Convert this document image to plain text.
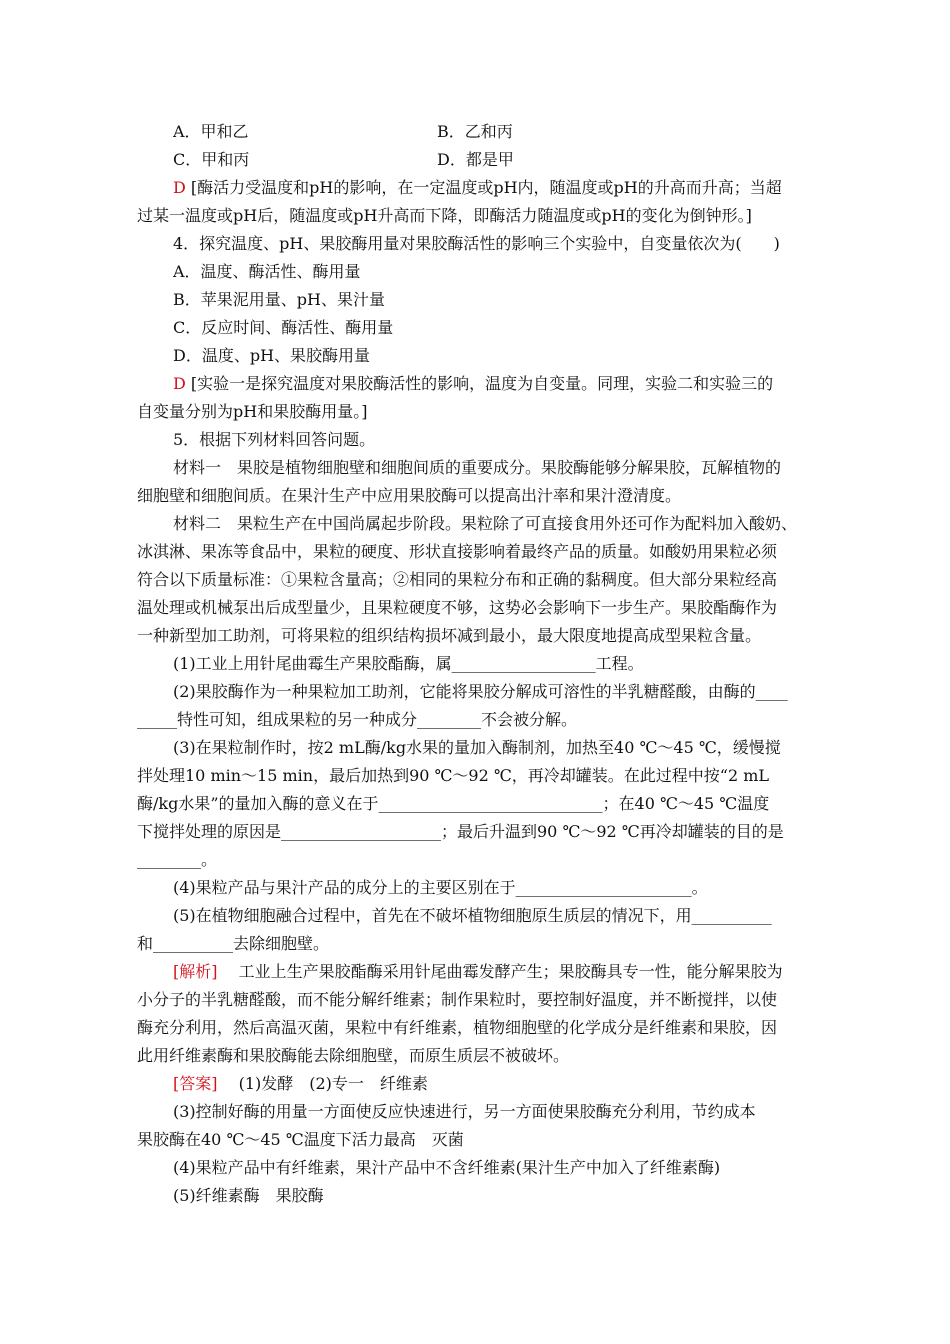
A．甲和乙	B．乙和丙
C．甲和丙	D．都是甲
D [酶活力受温度和pH的影响，在一定温度或pH内，随温度或pH的升高而升高；当超
过某一温度或pH后，随温度或pH升高而下降，即酶活力随温度或pH的变化为倒钟形。]
4．探究温度、pH、果胶酶用量对果胶酶活性的影响三个实验中，自变量依次为(　　)
A．温度、酶活性、酶用量
B．苹果泥用量、pH、果汁量
C．反应时间、酶活性、酶用量
D．温度、pH、果胶酶用量
D [实验一是探究温度对果胶酶活性的影响，温度为自变量。同理，实验二和实验三的
自变量分别为pH和果胶酶用量。]
5．根据下列材料回答问题。
材料一　果胶是植物细胞壁和细胞间质的重要成分。果胶酶能够分解果胶，瓦解植物的
细胞壁和细胞间质。在果汁生产中应用果胶酶可以提高出汁率和果汁澄清度。
材料二　果粒生产在中国尚属起步阶段。果粒除了可直接食用外还可作为配料加入酸奶、
冰淇淋、果冻等食品中，果粒的硬度、形状直接影响着最终产品的质量。如酸奶用果粒必须
符合以下质量标准：①果粒含量高；②相同的果粒分布和正确的黏稠度。但大部分果粒经高
温处理或机械泵出后成型量少，且果粒硬度不够，这势必会影响下一步生产。果胶酯酶作为
一种新型加工助剂，可将果粒的组织结构损坏减到最小，最大限度地提高成型果粒含量。
(1)工业上用针尾曲霉生产果胶酯酶，属__________________工程。
(2)果胶酶作为一种果粒加工助剂，它能将果胶分解成可溶性的半乳糖醛酸，由酶的____
_____特性可知，组成果粒的另一种成分________不会被分解。
(3)在果粒制作时，按2 mL酶/kg水果的量加入酶制剂，加热至40 ℃～45 ℃，缓慢搅
拌处理10 min～15 min，最后加热到90 ℃～92 ℃，再冷却罐装。在此过程中按“2 mL
酶/kg水果”的量加入酶的意义在于____________________________；在40 ℃～45 ℃温度
下搅拌处理的原因是____________________；最后升温到90 ℃～92 ℃再冷却罐装的目的是
________。
(4)果粒产品与果汁产品的成分上的主要区别在于______________________。
(5)在植物细胞融合过程中，首先在不破坏植物细胞原生质层的情况下，用__________
和__________去除细胞壁。
[解析] 　工业上生产果胶酯酶采用针尾曲霉发酵产生；果胶酶具专一性，能分解果胶为
小分子的半乳糖醛酸，而不能分解纤维素；制作果粒时，要控制好温度，并不断搅拌，以使
酶充分利用，然后高温灭菌，果粒中有纤维素，植物细胞壁的化学成分是纤维素和果胶，因
此用纤维素酶和果胶酶能去除细胞壁，而原生质层不被破坏。
[答案] 　(1)发酵　(2)专一　纤维素
(3)控制好酶的用量一方面使反应快速进行，另一方面使果胶酶充分利用，节约成本
果胶酶在40 ℃～45 ℃温度下活力最高　灭菌
(4)果粒产品中有纤维素，果汁产品中不含纤维素(果汁生产中加入了纤维素酶)
(5)纤维素酶　果胶酶
